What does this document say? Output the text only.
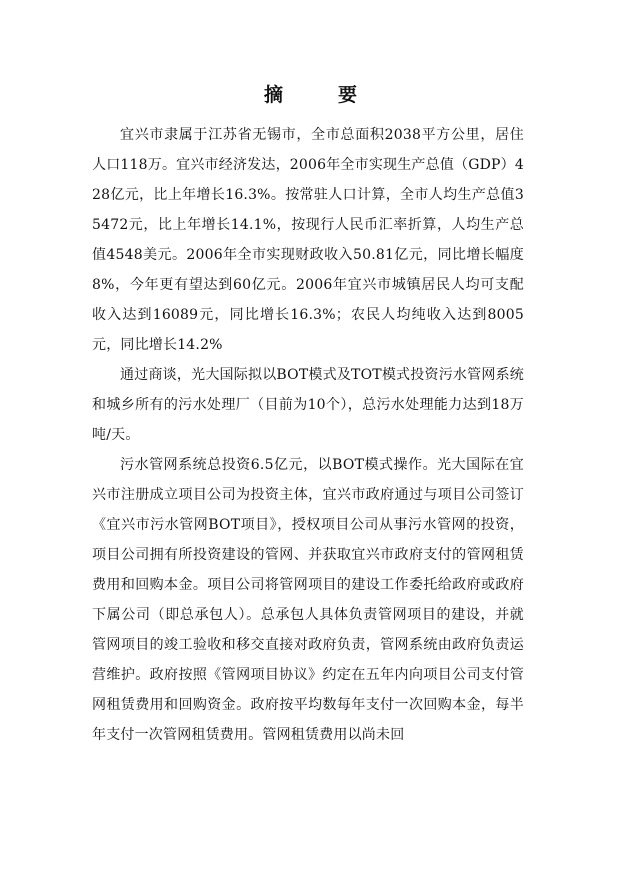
摘　要

宜兴市隶属于江苏省无锡市，全市总面积2038平方公里，居住人口118万。宜兴市经济发达，2006年全市实现生产总值（GDP）428亿元，比上年增长16.3%。按常驻人口计算，全市人均生产总值35472元，比上年增长14.1%，按现行人民币汇率折算，人均生产总值4548美元。2006年全市实现财政收入50.81亿元，同比增长幅度8%，今年更有望达到60亿元。2006年宜兴市城镇居民人均可支配收入达到16089元，同比增长16.3%；农民人均纯收入达到8005元，同比增长14.2%

通过商谈，光大国际拟以BOT模式及TOT模式投资污水管网系统和城乡所有的污水处理厂（目前为10个），总污水处理能力达到18万吨/天。

污水管网系统总投资6.5亿元，以BOT模式操作。光大国际在宜兴市注册成立项目公司为投资主体，宜兴市政府通过与项目公司签订《宜兴市污水管网BOT项目》，授权项目公司从事污水管网的投资，项目公司拥有所投资建设的管网、并获取宜兴市政府支付的管网租赁费用和回购本金。项目公司将管网项目的建设工作委托给政府或政府下属公司（即总承包人）。总承包人具体负责管网项目的建设，并就管网项目的竣工验收和移交直接对政府负责，管网系统由政府负责运营维护。政府按照《管网项目协议》约定在五年内向项目公司支付管网租赁费用和回购资金。政府按平均数每年支付一次回购本金，每半年支付一次管网租赁费用。管网租赁费用以尚未回
